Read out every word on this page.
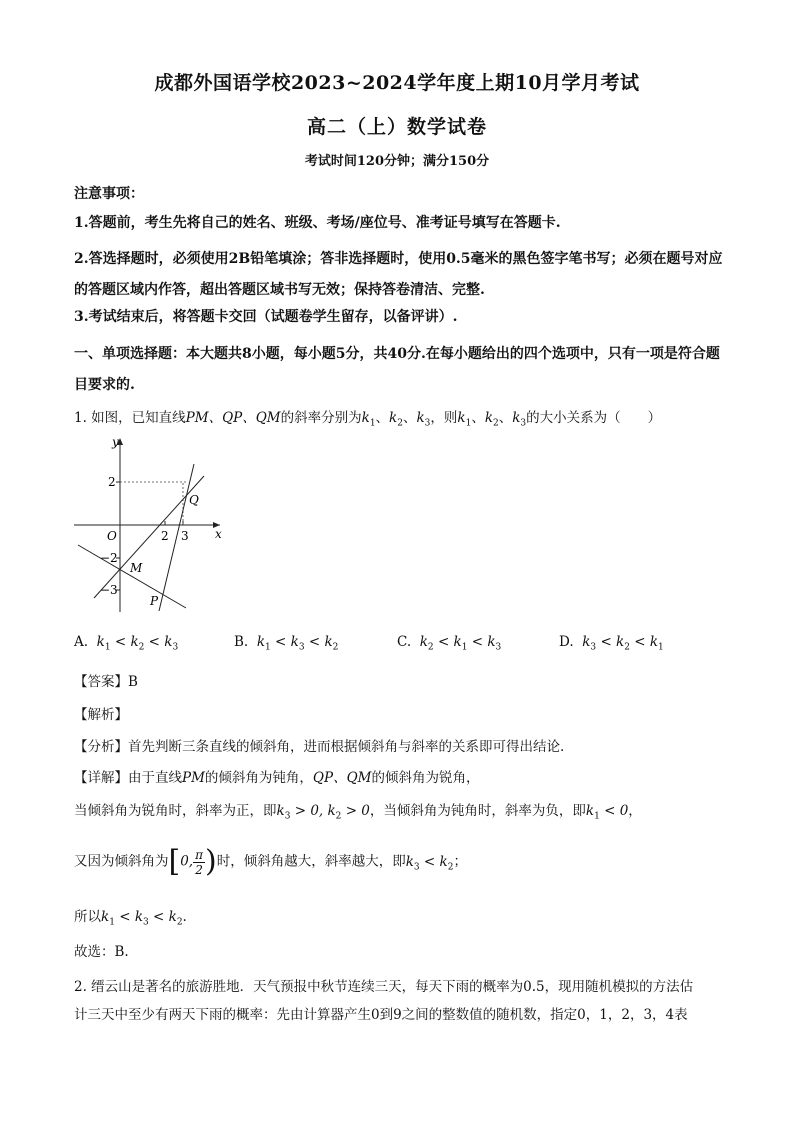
成都外国语学校2023~2024学年度上期10月学月考试
高二（上）数学试卷
考试时间120分钟；满分150分
注意事项：
1.答题前，考生先将自己的姓名、班级、考场/座位号、准考证号填写在答题卡.
2.答选择题时，必须使用2B铅笔填涂；答非选择题时，使用0.5毫米的黑色签字笔书写；必须在题号对应的答题区域内作答，超出答题区域书写无效；保持答卷清洁、完整.
3.考试结束后，将答题卡交回（试题卷学生留存，以备评讲）.
一、单项选择题：本大题共8小题，每小题5分，共40分.在每小题给出的四个选项中，只有一项是符合题目要求的.
1. 如图，已知直线PM、QP、QM的斜率分别为$k_1$、$k_2$、$k_3$，则$k_1$、$k_2$、$k_3$的大小关系为（　　）
y
x
O
2
−2
−3
2 3
Q
M
P
A. $k_1 < k_2 < k_3$	B. $k_1 < k_3 < k_2$	C. $k_2 < k_1 < k_3$	D. $k_3 < k_2 < k_1$
【答案】B
【解析】
【分析】首先判断三条直线的倾斜角，进而根据倾斜角与斜率的关系即可得出结论.
【详解】由于直线PM的倾斜角为钝角，QP、QM的倾斜角为锐角，
当倾斜角为锐角时，斜率为正，即$k_3 > 0$, $k_2 > 0$，当倾斜角为钝角时，斜率为负，即$k_1 < 0$，
又因为倾斜角为[0, $\frac{\pi}{2}$ )时，倾斜角越大，斜率越大，即$k_3 < k_2$；
所以$k_1 < k_3 < k_2$.
故选：B.
2. 缙云山是著名的旅游胜地．天气预报中秋节连续三天，每天下雨的概率为0.5，现用随机模拟的方法估
计三天中至少有两天下雨的概率：先由计算器产生0到9之间的整数值的随机数，指定0，1，2，3，4表
